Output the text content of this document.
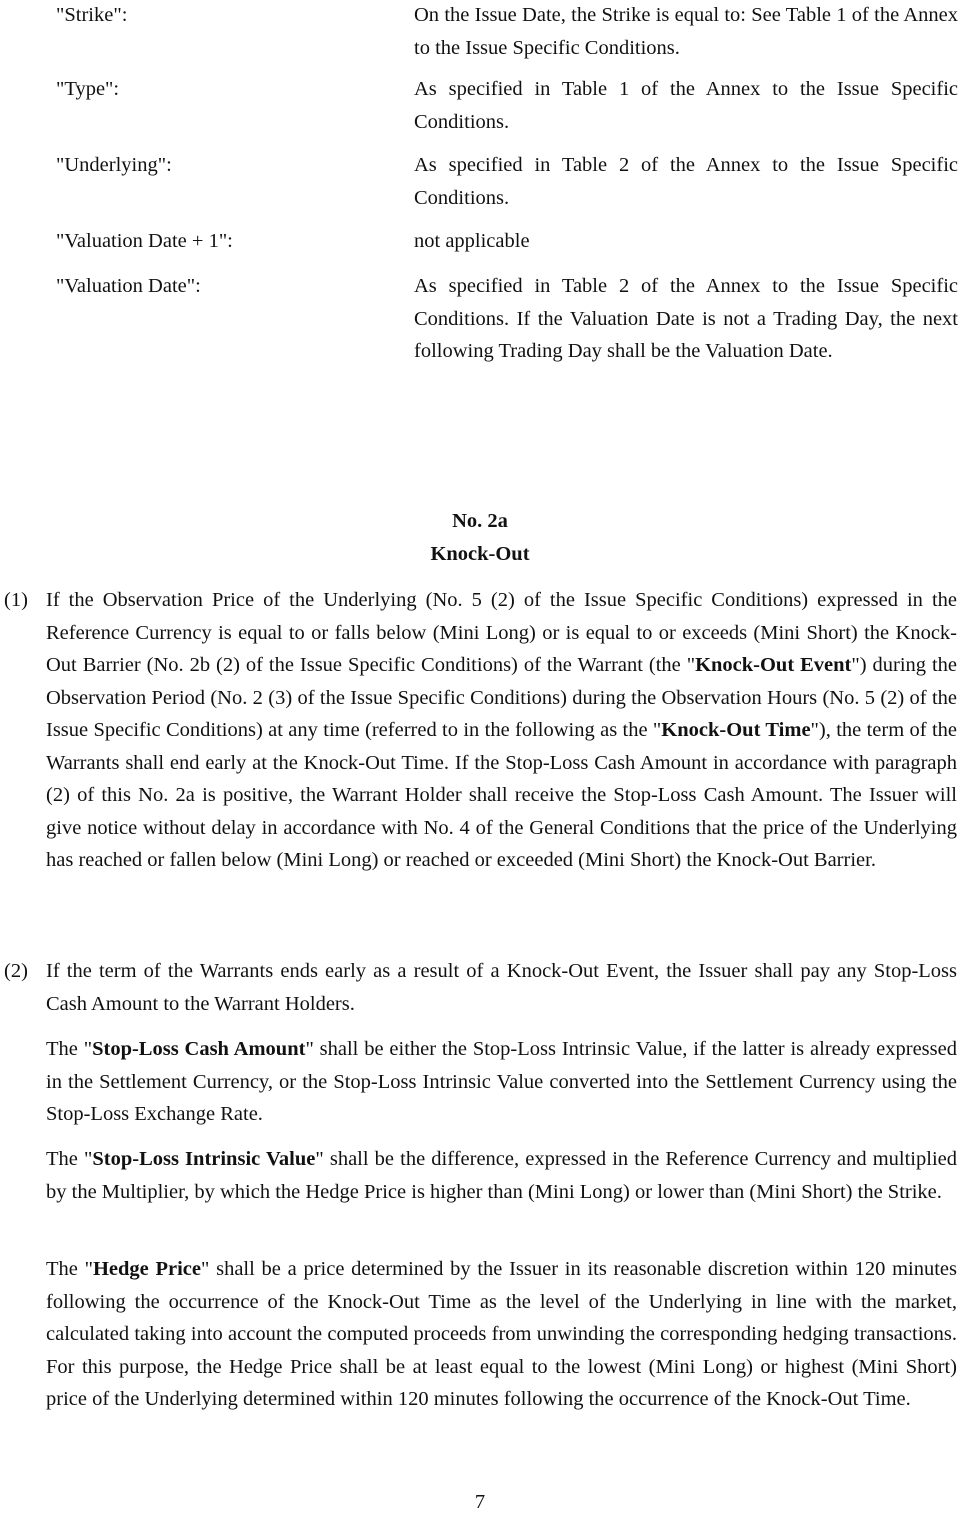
"Strike":	On the Issue Date, the Strike is equal to: See Table 1 of the Annex to the Issue Specific Conditions.
"Type":	As specified in Table 1 of the Annex to the Issue Specific Conditions.
"Underlying":	As specified in Table 2 of the Annex to the Issue Specific Conditions.
"Valuation Date + 1":	not applicable
"Valuation Date":	As specified in Table 2 of the Annex to the Issue Specific Conditions. If the Valuation Date is not a Trading Day, the next following Trading Day shall be the Valuation Date.
No. 2a
Knock-Out
(1) If the Observation Price of the Underlying (No. 5 (2) of the Issue Specific Conditions) expressed in the Reference Currency is equal to or falls below (Mini Long) or is equal to or exceeds (Mini Short) the Knock-Out Barrier (No. 2b (2) of the Issue Specific Conditions) of the Warrant (the "Knock-Out Event") during the Observation Period (No. 2 (3) of the Issue Specific Conditions) during the Observation Hours (No. 5 (2) of the Issue Specific Conditions) at any time (referred to in the following as the "Knock-Out Time"), the term of the Warrants shall end early at the Knock-Out Time. If the Stop-Loss Cash Amount in accordance with paragraph (2) of this No. 2a is positive, the Warrant Holder shall receive the Stop-Loss Cash Amount. The Issuer will give notice without delay in accordance with No. 4 of the General Conditions that the price of the Underlying has reached or fallen below (Mini Long) or reached or exceeded (Mini Short) the Knock-Out Barrier.
(2) If the term of the Warrants ends early as a result of a Knock-Out Event, the Issuer shall pay any Stop-Loss Cash Amount to the Warrant Holders.
The "Stop-Loss Cash Amount" shall be either the Stop-Loss Intrinsic Value, if the latter is already expressed in the Settlement Currency, or the Stop-Loss Intrinsic Value converted into the Settlement Currency using the Stop-Loss Exchange Rate.
The "Stop-Loss Intrinsic Value" shall be the difference, expressed in the Reference Currency and multiplied by the Multiplier, by which the Hedge Price is higher than (Mini Long) or lower than (Mini Short) the Strike.
The "Hedge Price" shall be a price determined by the Issuer in its reasonable discretion within 120 minutes following the occurrence of the Knock-Out Time as the level of the Underlying in line with the market, calculated taking into account the computed proceeds from unwinding the corresponding hedging transactions. For this purpose, the Hedge Price shall be at least equal to the lowest (Mini Long) or highest (Mini Short) price of the Underlying determined within 120 minutes following the occurrence of the Knock-Out Time.
7
